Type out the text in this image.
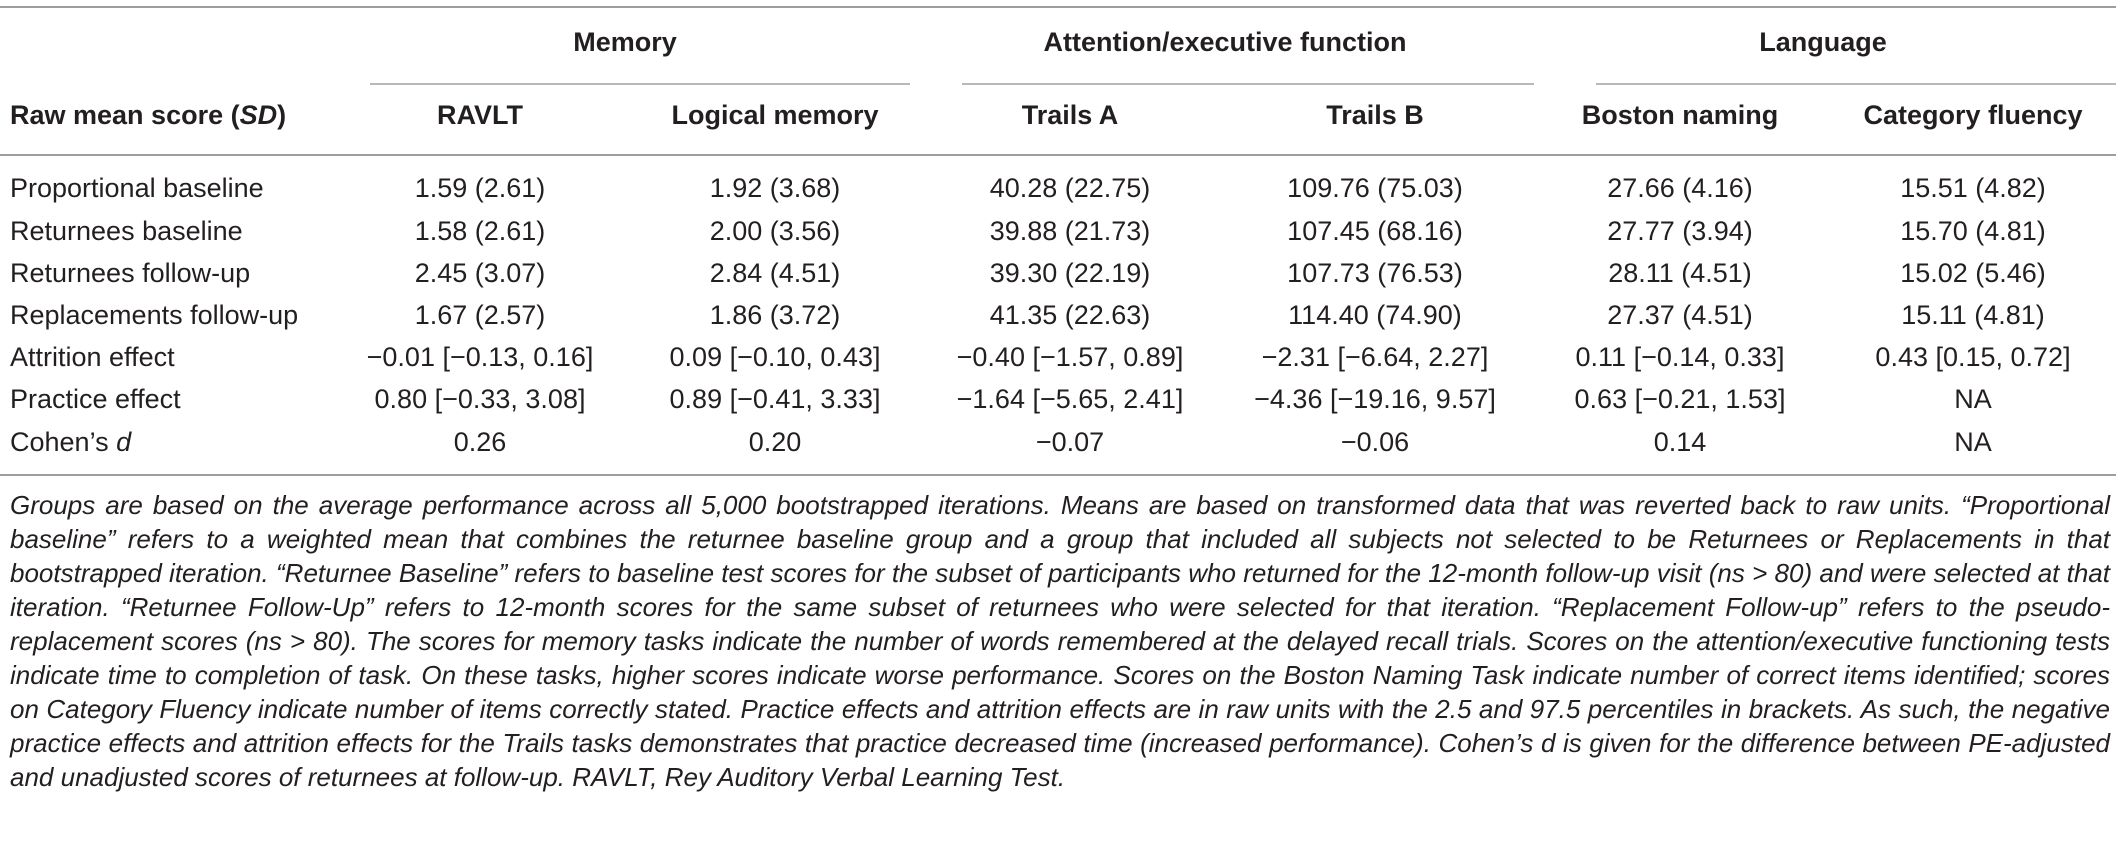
	Memory		Attention/executive function		Language	
Raw mean score (SD)	RAVLT	Logical memory	Trails A	Trails B	Boston naming	Category fluency
Proportional baseline	1.59 (2.61)	1.92 (3.68)	40.28 (22.75)	109.76 (75.03)	27.66 (4.16)	15.51 (4.82)
Returnees baseline	1.58 (2.61)	2.00 (3.56)	39.88 (21.73)	107.45 (68.16)	27.77 (3.94)	15.70 (4.81)
Returnees follow-up	2.45 (3.07)	2.84 (4.51)	39.30 (22.19)	107.73 (76.53)	28.11 (4.51)	15.02 (5.46)
Replacements follow-up	1.67 (2.57)	1.86 (3.72)	41.35 (22.63)	114.40 (74.90)	27.37 (4.51)	15.11 (4.81)
Attrition effect	−0.01 [−0.13, 0.16]	0.09 [−0.10, 0.43]	−0.40 [−1.57, 0.89]	−2.31 [−6.64, 2.27]	0.11 [−0.14, 0.33]	0.43 [0.15, 0.72]
Practice effect	0.80 [−0.33, 3.08]	0.89 [−0.41, 3.33]	−1.64 [−5.65, 2.41]	−4.36 [−19.16, 9.57]	0.63 [−0.21, 1.53]	NA
Cohen’s d	0.26	0.20	−0.07	−0.06	0.14	NA
Groups are based on the average performance across all 5,000 bootstrapped iterations. Means are based on transformed data that was reverted back to raw units. “Proportional baseline” refers to a weighted mean that combines the returnee baseline group and a group that included all subjects not selected to be Returnees or Replacements in that bootstrapped iteration. “Returnee Baseline” refers to baseline test scores for the subset of participants who returned for the 12-month follow-up visit (ns > 80) and were selected at that iteration. “Returnee Follow-Up” refers to 12-month scores for the same subset of returnees who were selected for that iteration. “Replacement Follow-up” refers to the pseudo-replacement scores (ns > 80). The scores for memory tasks indicate the number of words remembered at the delayed recall trials. Scores on the attention/executive functioning tests indicate time to completion of task. On these tasks, higher scores indicate worse performance. Scores on the Boston Naming Task indicate number of correct items identified; scores on Category Fluency indicate number of items correctly stated. Practice effects and attrition effects are in raw units with the 2.5 and 97.5 percentiles in brackets. As such, the negative practice effects and attrition effects for the Trails tasks demonstrates that practice decreased time (increased performance). Cohen’s d is given for the difference between PE-adjusted and unadjusted scores of returnees at follow-up. RAVLT, Rey Auditory Verbal Learning Test.
